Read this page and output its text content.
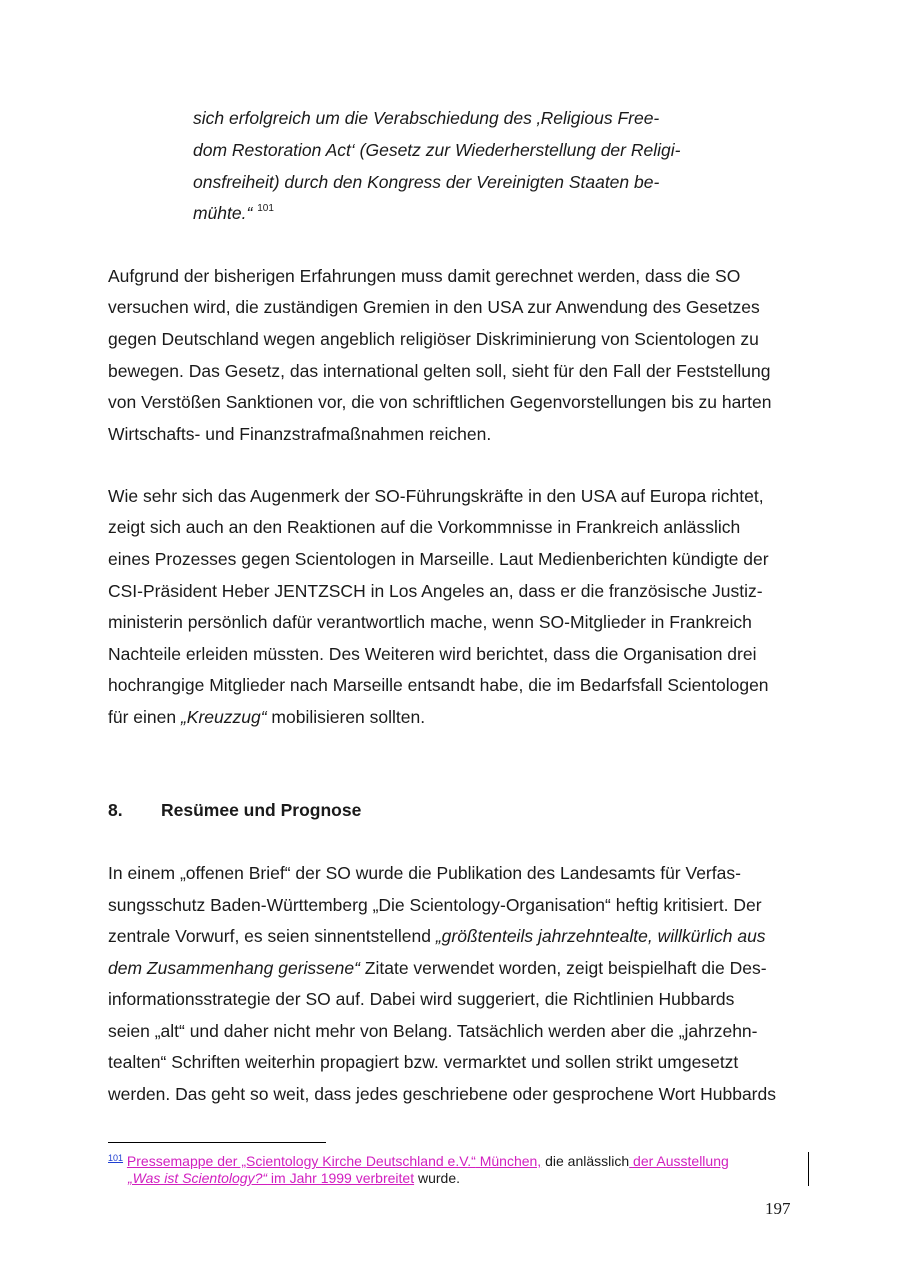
sich erfolgreich um die Verabschiedung des ‚Religious Free-
dom Restoration Act‘ (Gesetz zur Wiederherstellung der Religi-
onsfreiheit) durch den Kongress der Vereinigten Staaten be-
mühte.“ $^{101}$
Aufgrund der bisherigen Erfahrungen muss damit gerechnet werden, dass die SO
versuchen wird, die zuständigen Gremien in den USA zur Anwendung des Gesetzes
gegen Deutschland wegen angeblich religiöser Diskriminierung von Scientologen zu
bewegen. Das Gesetz, das international gelten soll, sieht für den Fall der Feststellung
von Verstößen Sanktionen vor, die von schriftlichen Gegenvorstellungen bis zu harten
Wirtschafts- und Finanzstrafmaßnahmen reichen.
Wie sehr sich das Augenmerk der SO-Führungskräfte in den USA auf Europa richtet,
zeigt sich auch an den Reaktionen auf die Vorkommnisse in Frankreich anlässlich
eines Prozesses gegen Scientologen in Marseille. Laut Medienberichten kündigte der
CSI-Präsident Heber JENTZSCH in Los Angeles an, dass er die französische Justiz-
ministerin persönlich dafür verantwortlich mache, wenn SO-Mitglieder in Frankreich
Nachteile erleiden müssten. Des Weiteren wird berichtet, dass die Organisation drei
hochrangige Mitglieder nach Marseille entsandt habe, die im Bedarfsfall Scientologen
für einen „Kreuzzug“ mobilisieren sollten.
8. Resümee und Prognose
In einem „offenen Brief“ der SO wurde die Publikation des Landesamts für Verfas-
sungsschutz Baden-Württemberg „Die Scientology-Organisation“ heftig kritisiert. Der
zentrale Vorwurf, es seien sinnentstellend „größtenteils jahrzehntealte, willkürlich aus
dem Zusammenhang gerissene“ Zitate verwendet worden, zeigt beispielhaft die Des-
informationsstrategie der SO auf. Dabei wird suggeriert, die Richtlinien Hubbards
seien „alt“ und daher nicht mehr von Belang. Tatsächlich werden aber die „jahrzehn-
tealten“ Schriften weiterhin propagiert bzw. vermarktet und sollen strikt umgesetzt
werden. Das geht so weit, dass jedes geschriebene oder gesprochene Wort Hubbards
$^{101}$ Pressemappe der „Scientology Kirche Deutschland e.V.“ München, die anlässlich der Ausstellung
„Was ist Scientology?“ im Jahr 1999 verbreitet wurde.
197
